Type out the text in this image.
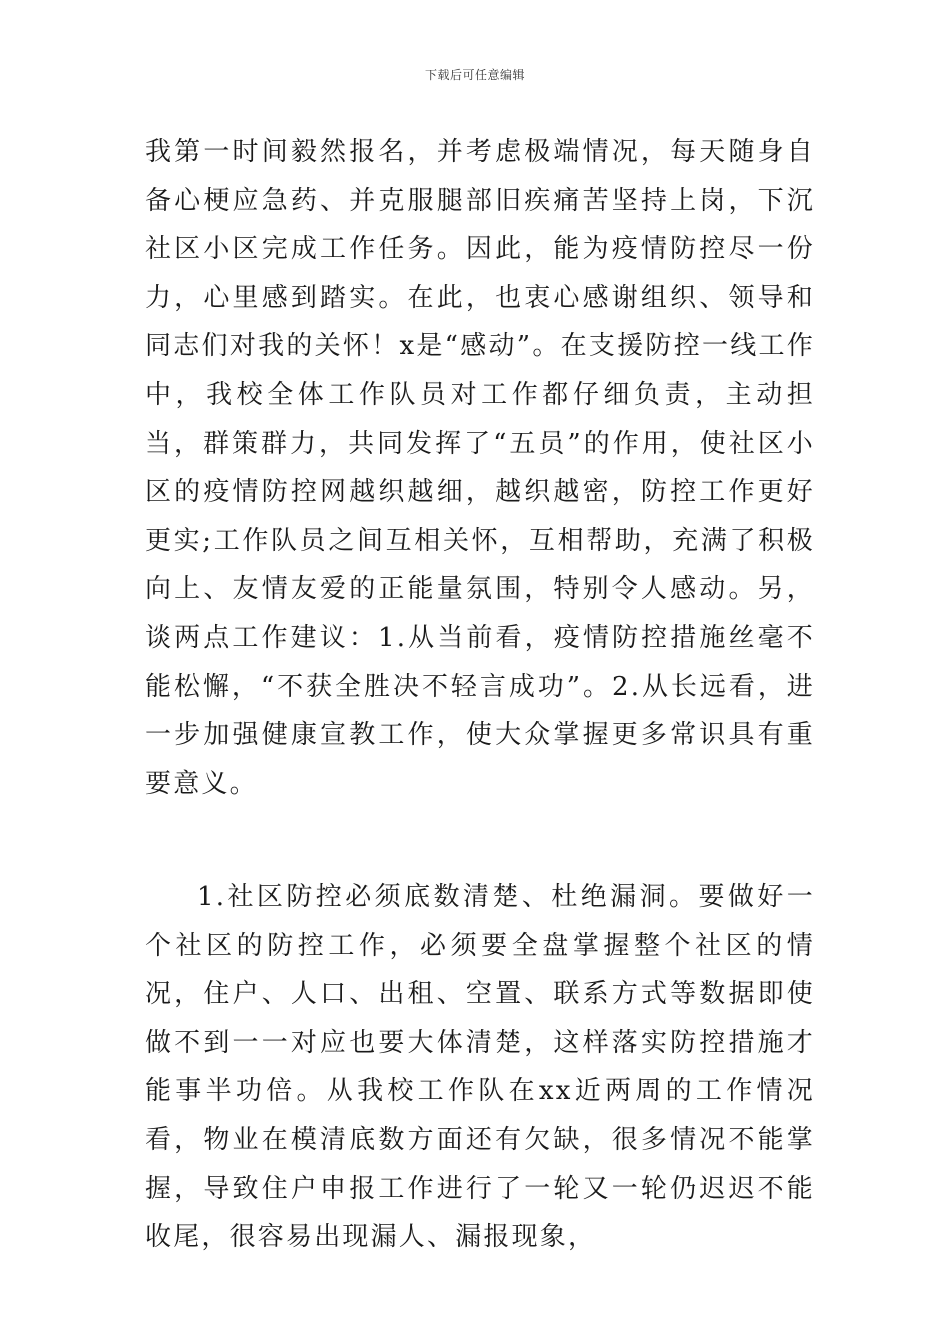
下载后可任意编辑
我第一时间毅然报名，并考虑极端情况，每天随身自备心梗应急药、并克服腿部旧疾痛苦坚持上岗，下沉社区小区完成工作任务。因此，能为疫情防控尽一份力，心里感到踏实。在此，也衷心感谢组织、领导和同志们对我的关怀！x是“感动”。在支援防控一线工作中，我校全体工作队员对工作都仔细负责，主动担当，群策群力，共同发挥了“五员”的作用，使社区小区的疫情防控网越织越细，越织越密，防控工作更好更实;工作队员之间互相关怀，互相帮助，充满了积极向上、友情友爱的正能量氛围，特别令人感动。另，谈两点工作建议：1.从当前看，疫情防控措施丝毫不能松懈，“不获全胜决不轻言成功”。2.从长远看，进一步加强健康宣教工作，使大众掌握更多常识具有重要意义。
1.社区防控必须底数清楚、杜绝漏洞。要做好一个社区的防控工作，必须要全盘掌握整个社区的情况，住户、人口、出租、空置、联系方式等数据即使做不到一一对应也要大体清楚，这样落实防控措施才能事半功倍。从我校工作队在xx近两周的工作情况看，物业在模清底数方面还有欠缺，很多情况不能掌握，导致住户申报工作进行了一轮又一轮仍迟迟不能收尾，很容易出现漏人、漏报现象，
